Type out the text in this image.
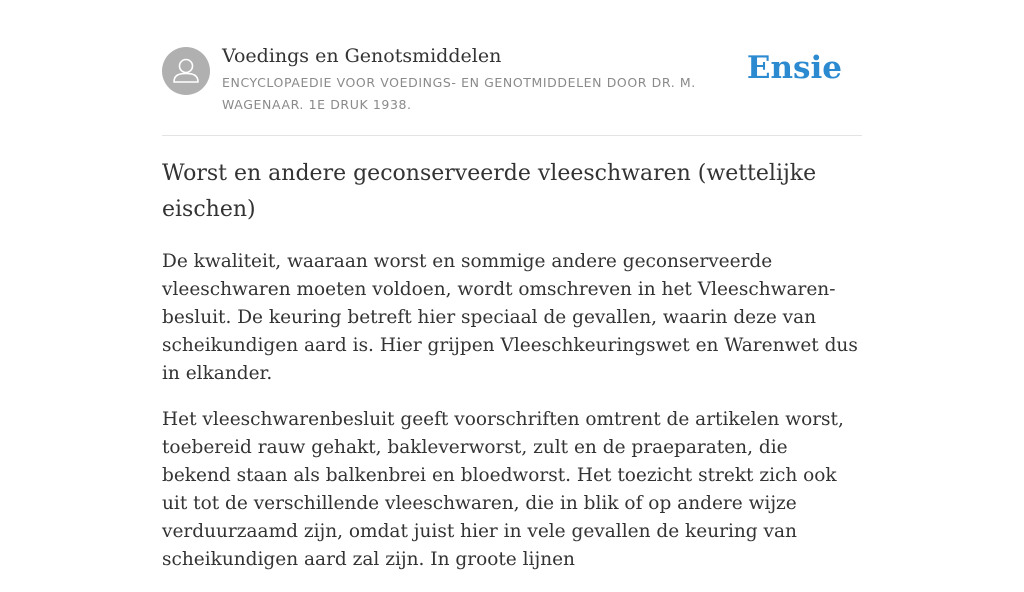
Voedings en Genotsmiddelen
ENCYCLOPAEDIE VOOR VOEDINGS- EN GENOTMIDDELEN DOOR DR. M. WAGENAAR. 1E DRUK 1938.
Ensie
Worst en andere geconserveerde vleeschwaren (wettelijke eischen)

De kwaliteit, waaraan worst en sommige andere geconserveerde vleeschwaren moeten voldoen, wordt omschreven in het Vleeschwaren-besluit. De keuring betreft hier speciaal de gevallen, waarin deze van scheikundigen aard is. Hier grijpen Vleeschkeuringswet en Warenwet dus in elkander.

Het vleeschwarenbesluit geeft voorschriften omtrent de artikelen worst, toebereid rauw gehakt, bakleverworst, zult en de praeparaten, die bekend staan als balkenbrei en bloedworst. Het toezicht strekt zich ook uit tot de verschillende vleeschwaren, die in blik of op andere wijze verduurzaamd zijn, omdat juist hier in vele gevallen de keuring van scheikundigen aard zal zijn. In groote lijnen
